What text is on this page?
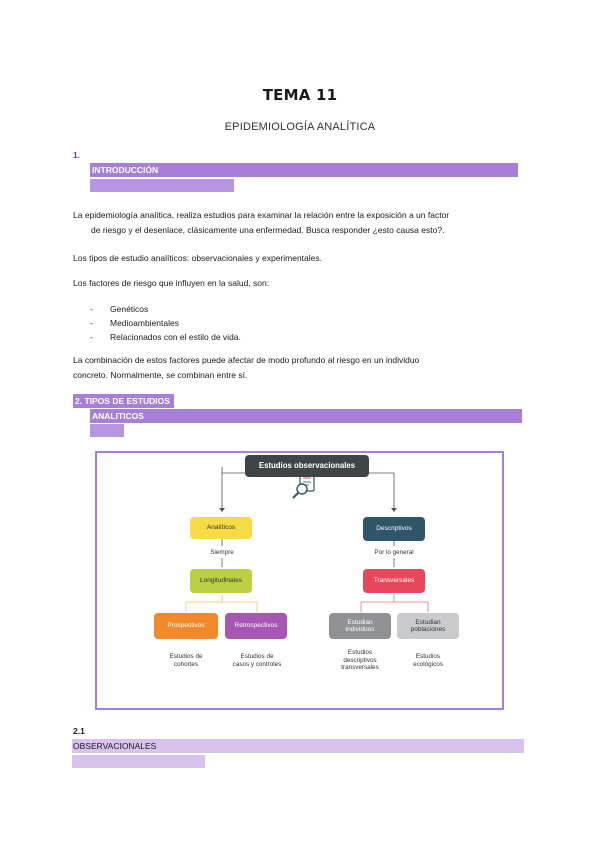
TEMA 11
EPIDEMIOLOGÍA ANALÍTICA
1.
INTRODUCCIÓN
La epidemiología analítica, realiza estudios para examinar la relación entre la exposición a un factor
de riesgo y el desenlace, clásicamente una enfermedad. Busca responder ¿esto causa esto?.
Los tipos de estudio analíticos: observacionales y experimentales.
Los factores de riesgo que influyen en la salud, son:
- Genéticos
- Medioambientales
- Relacionados con el estilo de vida.
La combinación de estos factores puede afectar de modo profundo al riesgo en un individuo
concreto. Normalmente, se combinan entre sí.
2. TIPOS DE ESTUDIOS
ANALITICOS
Estudios observacionales
Analíticos
Siempre
Longitudinales
Prospectivos	Retrospectivos
Estudios de
cohortes
Estudios de
casos y controles
Descriptivos
Por lo general
Transversales
Estudian
individuos
Estudian
poblaciones
Estudios
descriptivos
transversales
Estudios
ecológicos
2.1
OBSERVACIONALES
